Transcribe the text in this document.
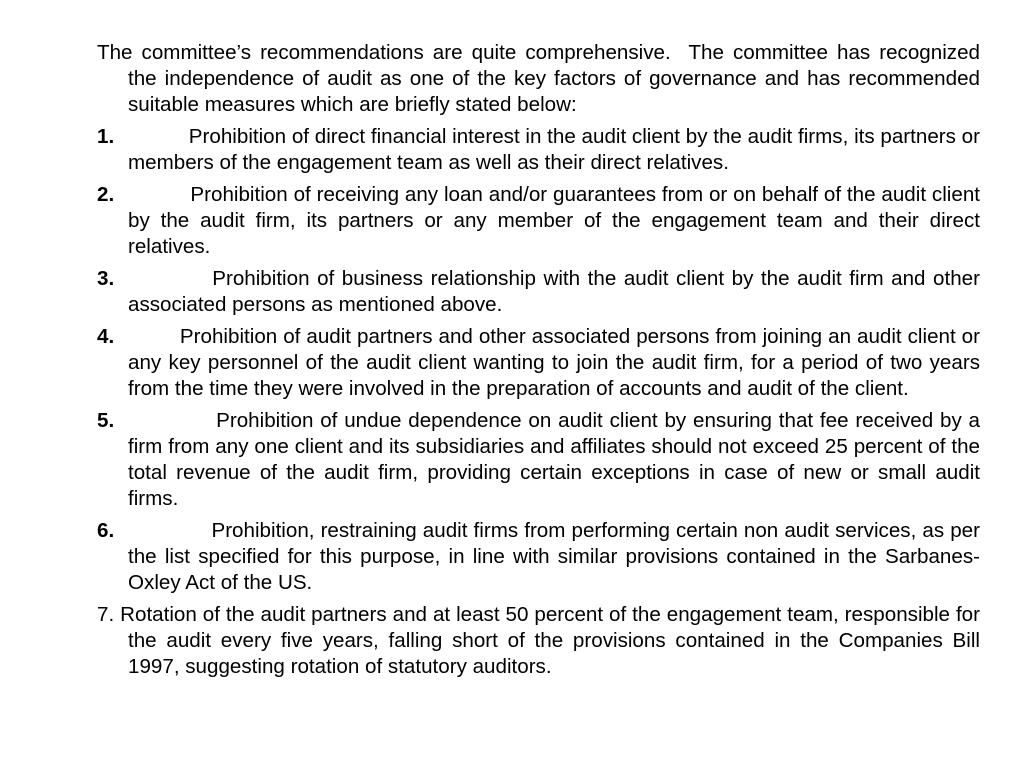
The committee’s recommendations are quite comprehensive.  The committee has recognized the independence of audit as one of the key factors of governance and has recommended suitable measures which are briefly stated below:

1.             Prohibition of direct financial interest in the audit client by the audit firms, its partners or members of the engagement team as well as their direct relatives.

2.             Prohibition of receiving any loan and/or guarantees from or on behalf of the audit client by the audit firm, its partners or any member of the engagement team and their direct relatives.

3.             Prohibition of business relationship with the audit client by the audit firm and other associated persons as mentioned above.

4.           Prohibition of audit partners and other associated persons from joining an audit client or any key personnel of the audit client wanting to join the audit firm, for a period of two years from the time they were involved in the preparation of accounts and audit of the client.

5.               Prohibition of undue dependence on audit client by ensuring that fee received by a firm from any one client and its subsidiaries and affiliates should not exceed 25 percent of the total revenue of the audit firm, providing certain exceptions in case of new or small audit firms.

6.                Prohibition, restraining audit firms from performing certain non audit services, as per the list specified for this purpose, in line with similar provisions contained in the Sarbanes-Oxley Act of the US.

7. Rotation of the audit partners and at least 50 percent of the engagement team, responsible for the audit every five years, falling short of the provisions contained in the Companies Bill 1997, suggesting rotation of statutory auditors.
